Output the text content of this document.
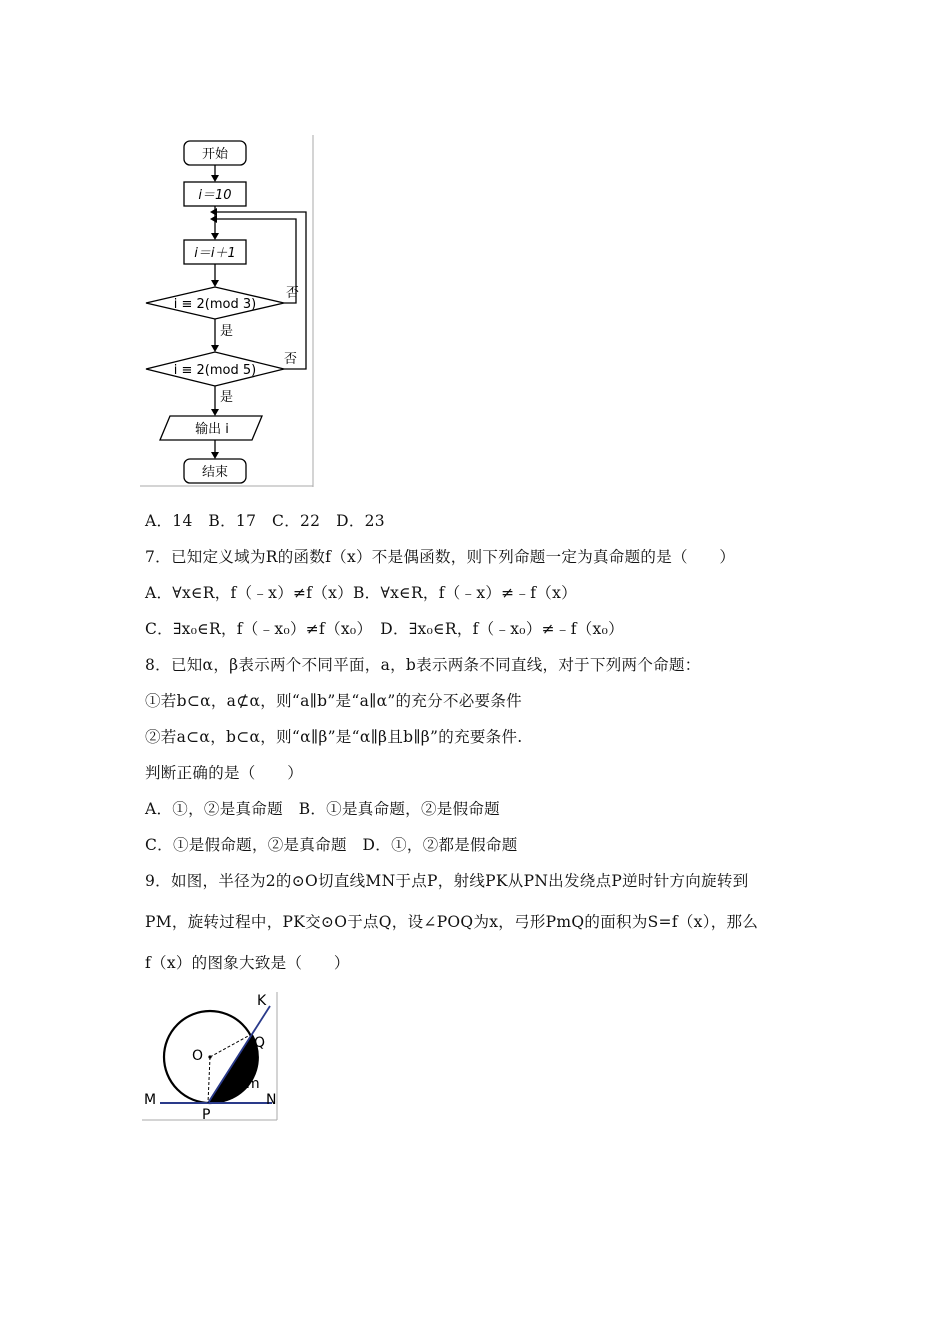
开始
i＝10
i＝i＋1
i ≡ 2(mod 3)
是
否
i ≡ 2(mod 5)
否
是
输出 i
结束
A．14　B．17　C．22　D．23
7．已知定义域为R的函数f（x）不是偶函数，则下列命题一定为真命题的是（　　）
A．∀x∈R，f（﹣x）≠f（x）B．∀x∈R，f（﹣x）≠﹣f（x）
C．∃x₀∈R，f（﹣x₀）≠f（x₀）　D．∃x₀∈R，f（﹣x₀）≠﹣f（x₀）
8．已知α，β表示两个不同平面，a，b表示两条不同直线，对于下列两个命题：
①若b⊂α，a⊄α，则“a∥b”是“a∥α”的充分不必要条件
②若a⊂α，b⊂α，则“α∥β”是“α∥β且b∥β”的充要条件.
判断正确的是（　　）
A．①，②是真命题　B．①是真命题，②是假命题
C．①是假命题，②是真命题　D．①，②都是假命题
9．如图，半径为2的⊙O切直线MN于点P，射线PK从PN出发绕点P逆时针方向旋转到
PM，旋转过程中，PK交⊙O于点Q，设∠POQ为x，弓形PmQ的面积为S=f（x），那么
f（x）的图象大致是（　　）
K
O
Q
m
M	N
P
